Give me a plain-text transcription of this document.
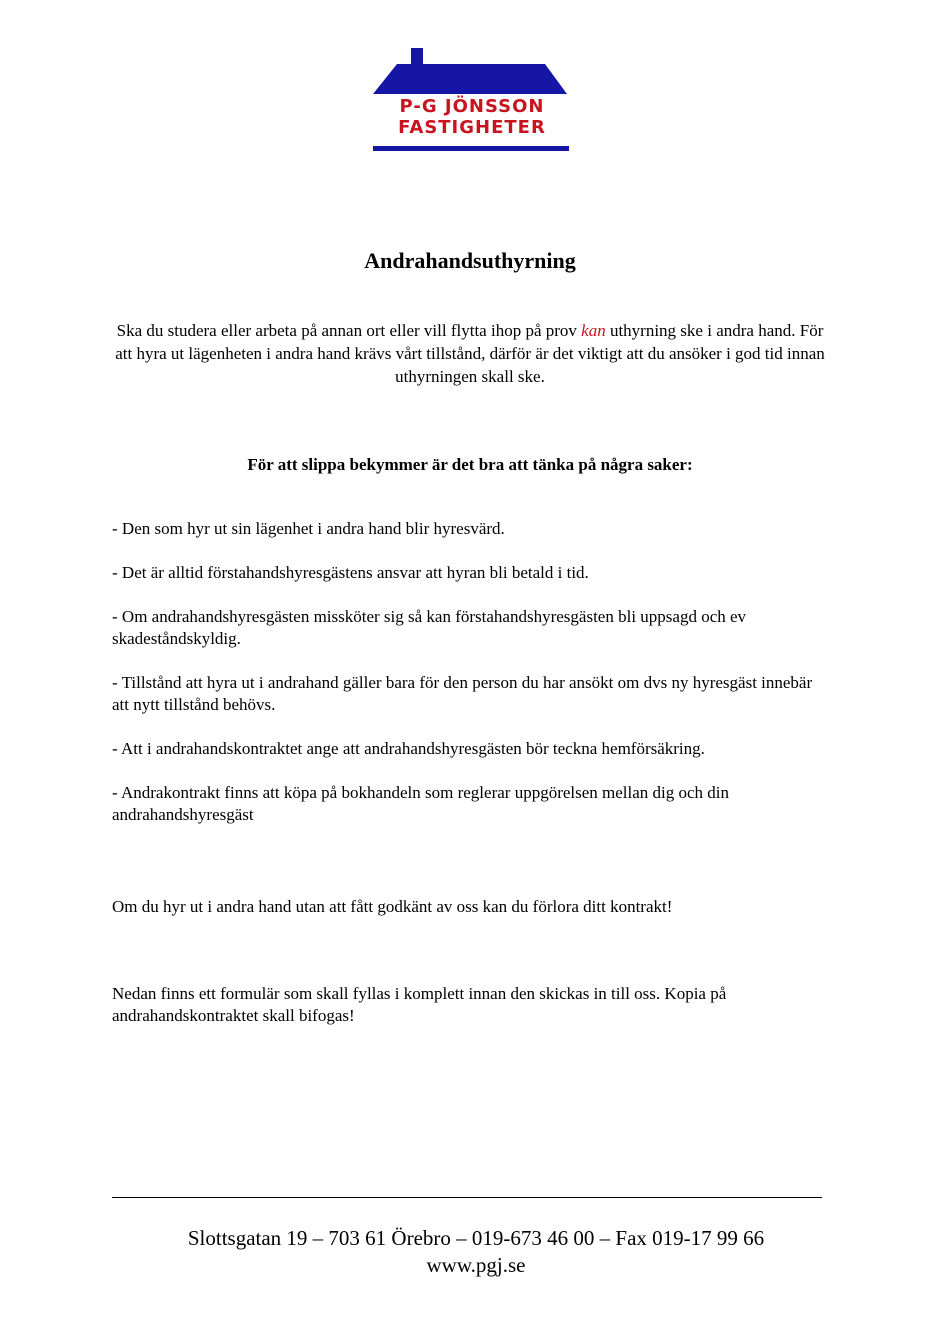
P-G JÖNSSON
FASTIGHETER
Andrahandsuthyrning
Ska du studera eller arbeta på annan ort eller vill flytta ihop på prov kan uthyrning ske i andra hand. För att hyra ut lägenheten i andra hand krävs vårt tillstånd, därför är det viktigt att du ansöker i god tid innan uthyrningen skall ske.
För att slippa bekymmer är det bra att tänka på några saker:

- Den som hyr ut sin lägenhet i andra hand blir hyresvärd.

- Det är alltid förstahandshyresgästens ansvar att hyran bli betald i tid.

- Om andrahandshyresgästen missköter sig så kan förstahandshyresgästen bli uppsagd och ev skadeståndskyldig.

- Tillstånd att hyra ut i andrahand gäller bara för den person du har ansökt om dvs ny hyresgäst innebär att nytt tillstånd behövs.

- Att i andrahandskontraktet ange att andrahandshyresgästen bör teckna hemförsäkring.

- Andrakontrakt finns att köpa på bokhandeln som reglerar uppgörelsen mellan dig och din andrahandshyresgäst

Om du hyr ut i andra hand utan att fått godkänt av oss kan du förlora ditt kontrakt!
Nedan finns ett formulär som skall fyllas i komplett innan den skickas in till oss. Kopia på andrahandskontraktet skall bifogas!
Slottsgatan 19 – 703 61 Örebro – 019-673 46 00 – Fax 019-17 99 66
www.pgj.se
